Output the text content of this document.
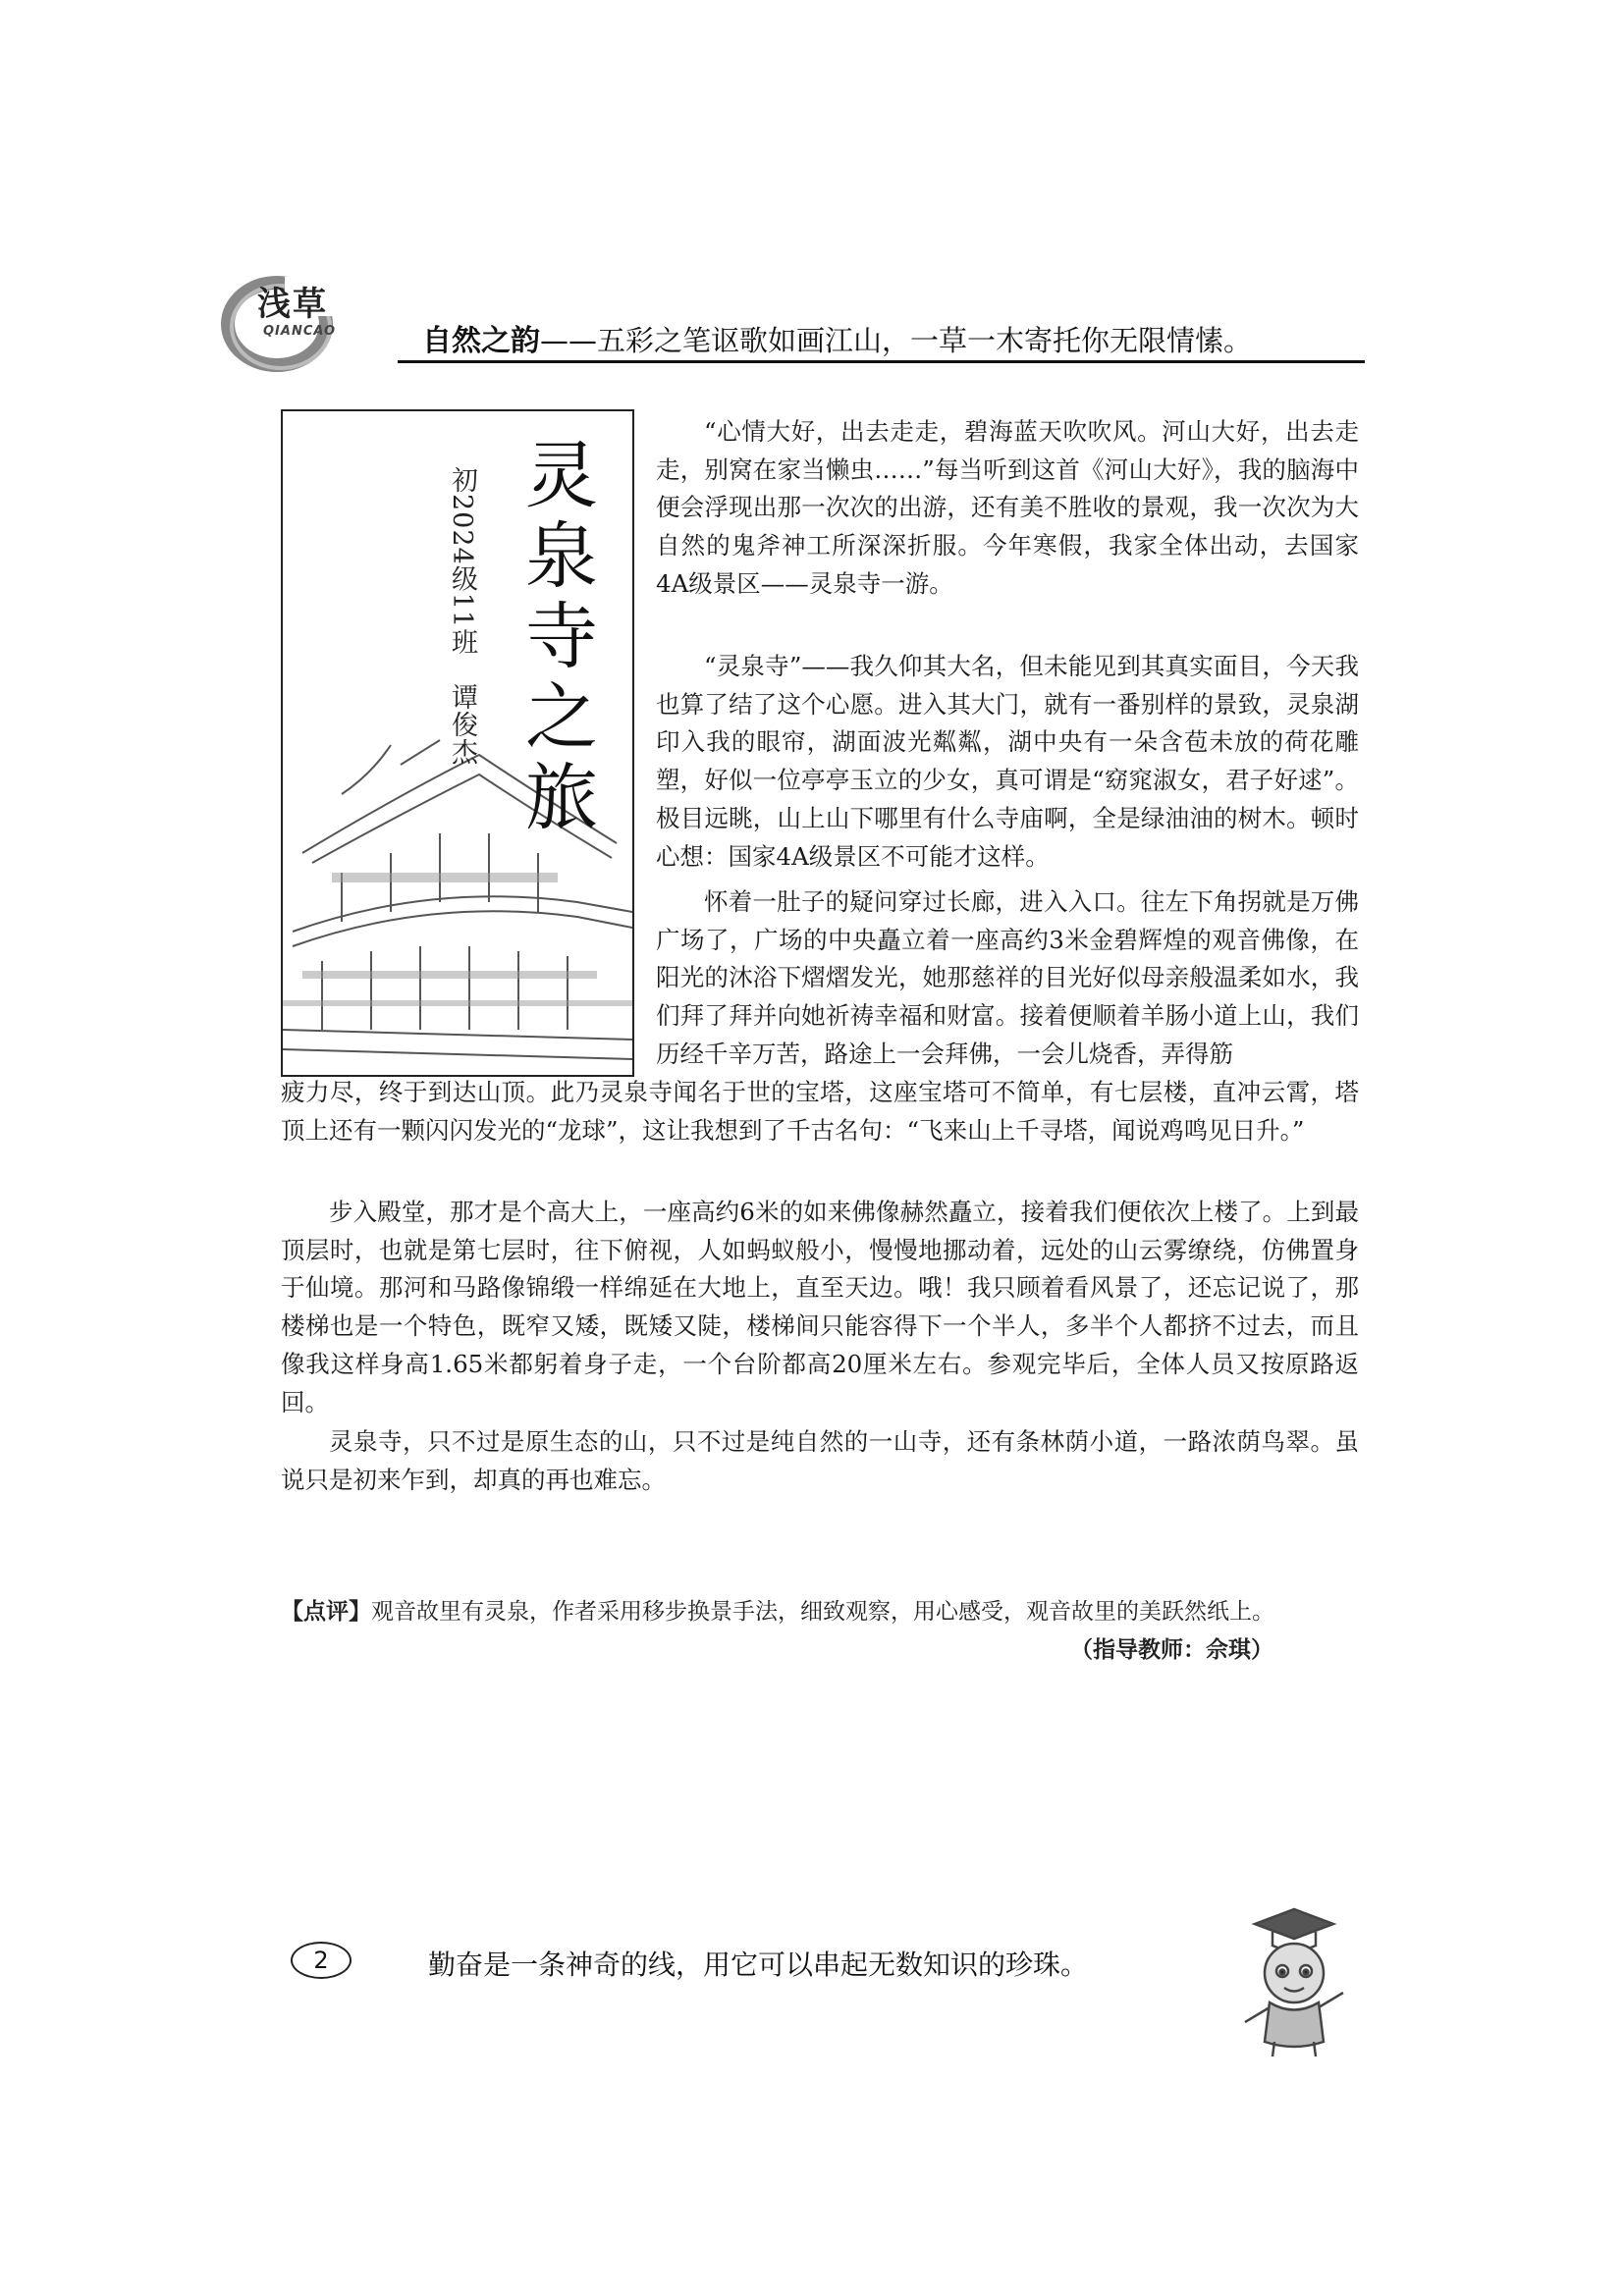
浅草
QIANCAO	自然之韵——五彩之笔讴歌如画江山，一草一木寄托你无限情愫。
灵泉寺之旅
初2024级11班　谭俊杰
“心情大好，出去走走，碧海蓝天吹吹风。河山大好，出去走走，别窝在家当懒虫……”每当听到这首《河山大好》，我的脑海中便会浮现出那一次次的出游，还有美不胜收的景观，我一次次为大自然的鬼斧神工所深深折服。今年寒假，我家全体出动，去国家4A级景区——灵泉寺一游。
“灵泉寺”——我久仰其大名，但未能见到其真实面目，今天我也算了结了这个心愿。进入其大门，就有一番别样的景致，灵泉湖印入我的眼帘，湖面波光粼粼，湖中央有一朵含苞未放的荷花雕塑，好似一位亭亭玉立的少女，真可谓是“窈窕淑女，君子好逑”。极目远眺，山上山下哪里有什么寺庙啊，全是绿油油的树木。顿时心想：国家4A级景区不可能才这样。
怀着一肚子的疑问穿过长廊，进入入口。往左下角拐就是万佛广场了，广场的中央矗立着一座高约3米金碧辉煌的观音佛像，在阳光的沐浴下熠熠发光，她那慈祥的目光好似母亲般温柔如水，我们拜了拜并向她祈祷幸福和财富。接着便顺着羊肠小道上山，我们历经千辛万苦，路途上一会拜佛，一会儿烧香，弄得筋
疲力尽，终于到达山顶。此乃灵泉寺闻名于世的宝塔，这座宝塔可不简单，有七层楼，直冲云霄，塔顶上还有一颗闪闪发光的“龙球”，这让我想到了千古名句：“飞来山上千寻塔，闻说鸡鸣见日升。”
步入殿堂，那才是个高大上，一座高约6米的如来佛像赫然矗立，接着我们便依次上楼了。上到最顶层时，也就是第七层时，往下俯视，人如蚂蚁般小，慢慢地挪动着，远处的山云雾缭绕，仿佛置身于仙境。那河和马路像锦缎一样绵延在大地上，直至天边。哦！我只顾着看风景了，还忘记说了，那楼梯也是一个特色，既窄又矮，既矮又陡，楼梯间只能容得下一个半人，多半个人都挤不过去，而且像我这样身高1.65米都躬着身子走，一个台阶都高20厘米左右。参观完毕后，全体人员又按原路返回。
灵泉寺，只不过是原生态的山，只不过是纯自然的一山寺，还有条林荫小道，一路浓荫鸟翠。虽说只是初来乍到，却真的再也难忘。
【点评】观音故里有灵泉，作者采用移步换景手法，细致观察，用心感受，观音故里的美跃然纸上。
（指导教师：佘琪）
2	勤奋是一条神奇的线，用它可以串起无数知识的珍珠。
